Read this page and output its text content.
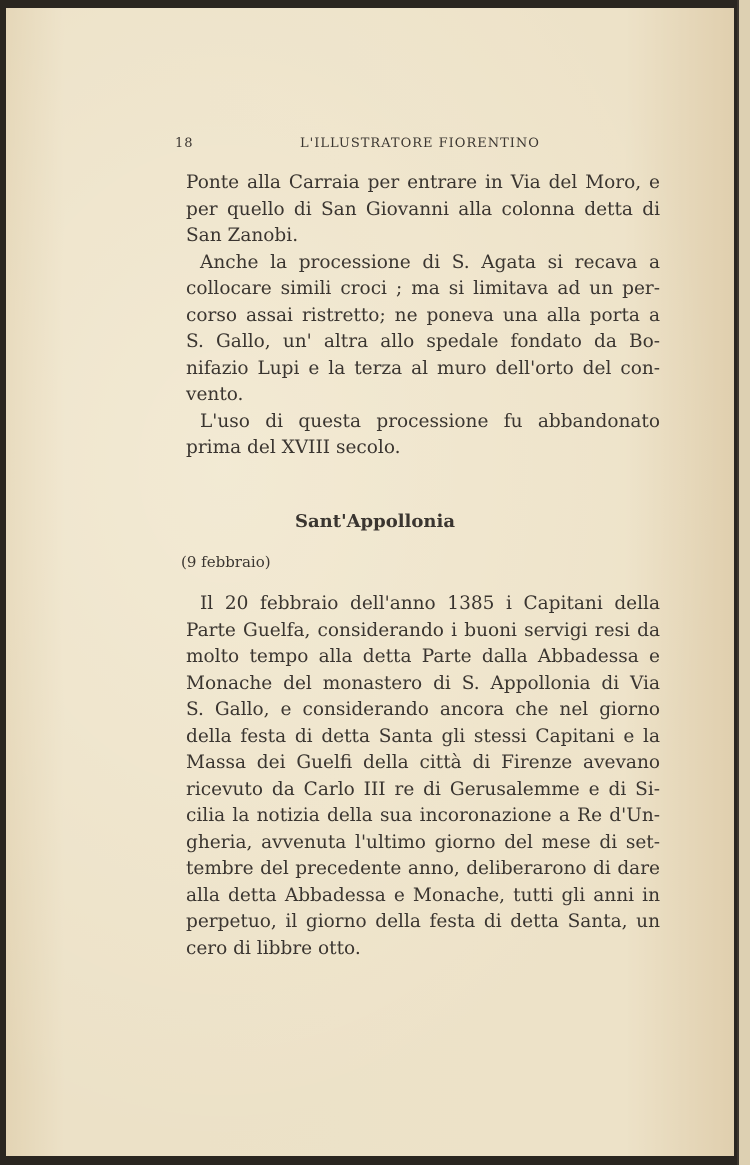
18	L'ILLUSTRATORE FIORENTINO
Ponte alla Carraia per entrare in Via del Moro, e
per quello di San Giovanni alla colonna detta di
San Zanobi.
Anche la processione di S. Agata si recava a
collocare simili croci ; ma si limitava ad un per-
corso assai ristretto; ne poneva una alla porta a
S. Gallo, un' altra allo spedale fondato da Bo-
nifazio Lupi e la terza al muro dell'orto del con-
vento.
L'uso di questa processione fu abbandonato
prima del XVIII secolo.
Il 20 febbraio dell'anno 1385 i Capitani della
Parte Guelfa, considerando i buoni servigi resi da
molto tempo alla detta Parte dalla Abbadessa e
Monache del monastero di S. Appollonia di Via
S. Gallo, e considerando ancora che nel giorno
della festa di detta Santa gli stessi Capitani e la
Massa dei Guelfi della città di Firenze avevano
ricevuto da Carlo III re di Gerusalemme e di Si-
cilia la notizia della sua incoronazione a Re d'Un-
gheria, avvenuta l'ultimo giorno del mese di set-
tembre del precedente anno, deliberarono di dare
alla detta Abbadessa e Monache, tutti gli anni in
perpetuo, il giorno della festa di detta Santa, un
cero di libbre otto.
Sant'Appollonia
(9 febbraio)
